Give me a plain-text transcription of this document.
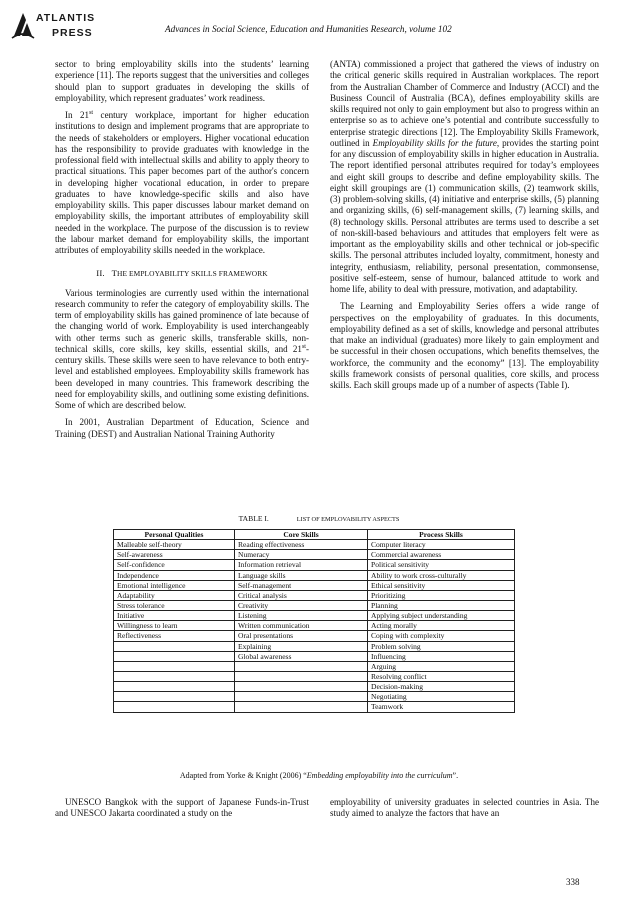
ATLANTIS
PRESS	Advances in Social Science, Education and Humanities Research, volume 102

sector to bring employability skills into the students’ learning experience [11]. The reports suggest that the universities and colleges should plan to support graduates in developing the skills of employability, which represent graduates’ work readiness.

In 21st century workplace, important for higher education institutions to design and implement programs that are appropriate to the needs of stakeholders or employers. Higher vocational education has the responsibility to provide graduates with knowledge in the professional field with intellectual skills and ability to apply theory to practical situations. This paper becomes part of the author's concern in developing higher vocational education, in order to prepare graduates to have knowledge-specific skills and also have employability skills. This paper discusses labour market demand on employability skills, the important attributes of employability skill needed in the workplace. The purpose of the discussion is to review the labour market demand for employability skills, the important attributes of employability skills needed in the workplace.

II. THE EMPLOYABILITY SKILLS FRAMEWORK

Various terminologies are currently used within the international research community to refer the category of employability skills. The term of employability skills has gained prominence of late because of the changing world of work. Employability is used interchangeably with other terms such as generic skills, transferable skills, non-technical skills, core skills, key skills, essential skills, and 21st-century skills. These skills were seen to have relevance to both entry-level and established employees. Employability skills framework has been developed in many countries. This framework describing the need for employability skills, and outlining some existing definitions. Some of which are described below.

In 2001, Australian Department of Education, Science and Training (DEST) and Australian National Training Authority

(ANTA) commissioned a project that gathered the views of industry on the critical generic skills required in Australian workplaces. The report from the Australian Chamber of Commerce and Industry (ACCI) and the Business Council of Australia (BCA), defines employability skills are skills required not only to gain employment but also to progress within an enterprise so as to achieve one’s potential and contribute successfully to enterprise strategic directions [12]. The Employability Skills Framework, outlined in Employability skills for the future, provides the starting point for any discussion of employability skills in higher education in Australia. The report identified personal attributes required for today’s employees and eight skill groups to describe and define employability skills. The eight skill groupings are (1) communication skills, (2) teamwork skills, (3) problem-solving skills, (4) initiative and enterprise skills, (5) planning and organizing skills, (6) self-management skills, (7) learning skills, and (8) technology skills. Personal attributes are terms used to describe a set of non-skill-based behaviours and attitudes that employers felt were as important as the employability skills and other technical or job-specific skills. The personal attributes included loyalty, commitment, honesty and integrity, enthusiasm, reliability, personal presentation, commonsense, positive self-esteem, sense of humour, balanced attitude to work and home life, ability to deal with pressure, motivation, and adaptability.

The Learning and Employability Series offers a wide range of perspectives on the employability of graduates. In this documents, employability defined as a set of skills, knowledge and personal attributes that make an individual (graduates) more likely to gain employment and be successful in their chosen occupations, which benefits themselves, the workforce, the community and the economy” [13]. The employability skills framework consists of personal qualities, core skills, and process skills. Each skill groups made up of a number of aspects (Table I).

TABLE I.	LIST OF EMPLOVABILITY ASPECTS
Personal Qualities	Core Skills	Process Skills
Malleable self-theory	Reading effectiveness	Computer literacy
Self-awareness	Numeracy	Commercial awareness
Self-confidence	Information retrieval	Political sensitivity
Independence	Language skills	Ability to work cross-culturally
Emotional intelligence	Self-management	Ethical sensitivity
Adaptability	Critical analysis	Prioritizing
Stress tolerance	Creativity	Planning
Initiative	Listening	Applying subject understanding
Willingness to learn	Written communication	Acting morally
Reflectiveness	Oral presentations	Coping with complexity
	Explaining	Problem solving
	Global awareness	Influencing
		Arguing
		Resolving conflict
		Decision-making
		Negotiating
		Teamwork
Adapted from Yorke & Knight (2006) “Embedding employability into the curriculum”.

UNESCO Bangkok with the support of Japanese Funds-in-Trust and UNESCO Jakarta coordinated a study on the

employability of university graduates in selected countries in Asia. The study aimed to analyze the factors that have an

338
